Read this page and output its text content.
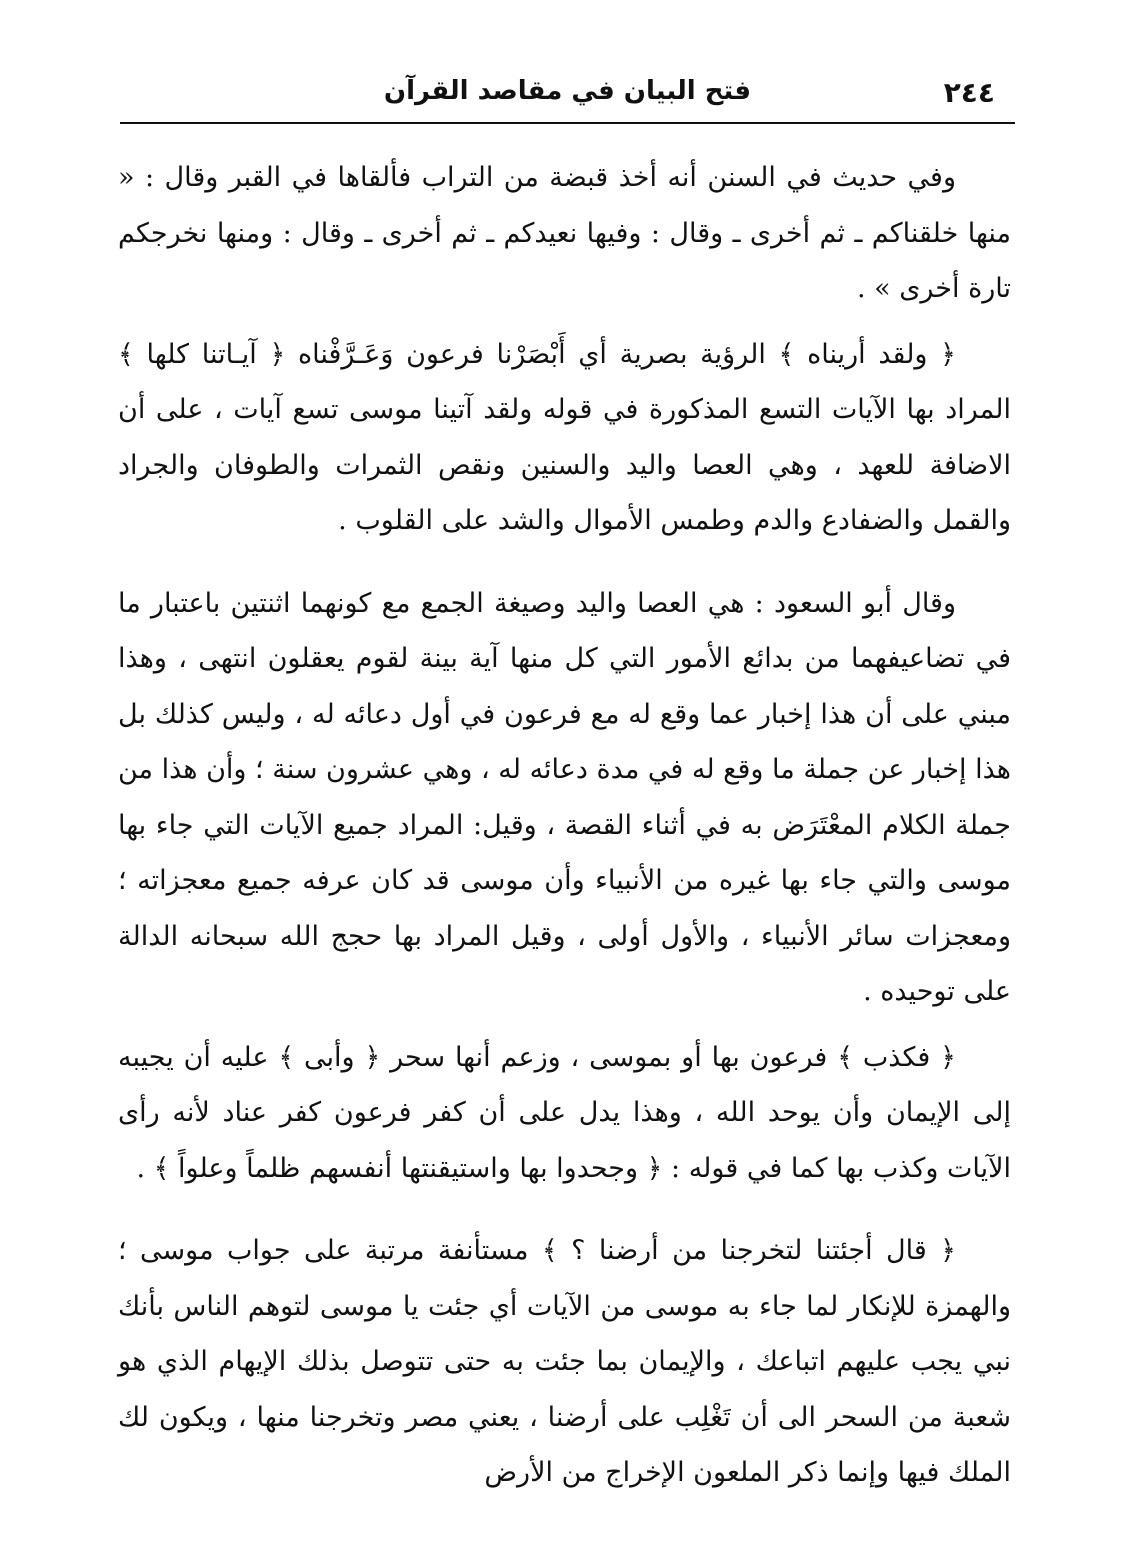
٢٤٤
فتح البيان في مقاصد القرآن

وفي حديث في السنن أنه أخذ قبضة من التراب فألقاها في القبر وقال : « منها خلقناكم ـ ثم أخرى ـ وقال : وفيها نعيدكم ـ ثم أخرى ـ وقال : ومنها نخرجكم تارة أخرى » .

﴿ ولقد أريناه ﴾ الرؤية بصرية أي أَبْصَرْنا فرعون وَعَـرَّفْناه ﴿ آيـاتنا كلها ﴾ المراد بها الآيات التسع المذكورة في قوله ولقد آتينا موسى تسع آيات ، على أن الاضافة للعهد ، وهي العصا واليد والسنين ونقص الثمرات والطوفان والجراد والقمل والضفادع والدم وطمس الأموال والشد على القلوب .

وقال أبو السعود : هي العصا واليد وصيغة الجمع مع كونهما اثنتين باعتبار ما في تضاعيفهما من بدائع الأمور التي كل منها آية بينة لقوم يعقلون انتهى ، وهذا مبني على أن هذا إخبار عما وقع له مع فرعون في أول دعائه له ، وليس كذلك بل هذا إخبار عن جملة ما وقع له في مدة دعائه له ، وهي عشرون سنة ؛ وأن هذا من جملة الكلام المعْتَرَض به في أثناء القصة ، وقيل: المراد جميع الآيات التي جاء بها موسى والتي جاء بها غيره من الأنبياء وأن موسى قد كان عرفه جميع معجزاته ؛ ومعجزات سائر الأنبياء ، والأول أولى ، وقيل المراد بها حجج الله سبحانه الدالة على توحيده .

﴿ فكذب ﴾ فرعون بها أو بموسى ، وزعم أنها سحر ﴿ وأبى ﴾ عليه أن يجيبه إلى الإيمان وأن يوحد الله ، وهذا يدل على أن كفر فرعون كفر عناد لأنه رأى الآيات وكذب بها كما في قوله : ﴿ وجحدوا بها واستيقنتها أنفسهم ظلماً وعلواً ﴾ .

﴿ قال أجئتنا لتخرجنا من أرضنا ؟ ﴾ مستأنفة مرتبة على جواب موسى ؛ والهمزة للإنكار لما جاء به موسى من الآيات أي جئت يا موسى لتوهم الناس بأنك نبي يجب عليهم اتباعك ، والإيمان بما جئت به حتى تتوصل بذلك الإيهام الذي هو شعبة من السحر الى أن تَغْلِب على أرضنا ، يعني مصر وتخرجنا منها ، ويكون لك الملك فيها وإنما ذكر الملعون الإخراج من الأرض
